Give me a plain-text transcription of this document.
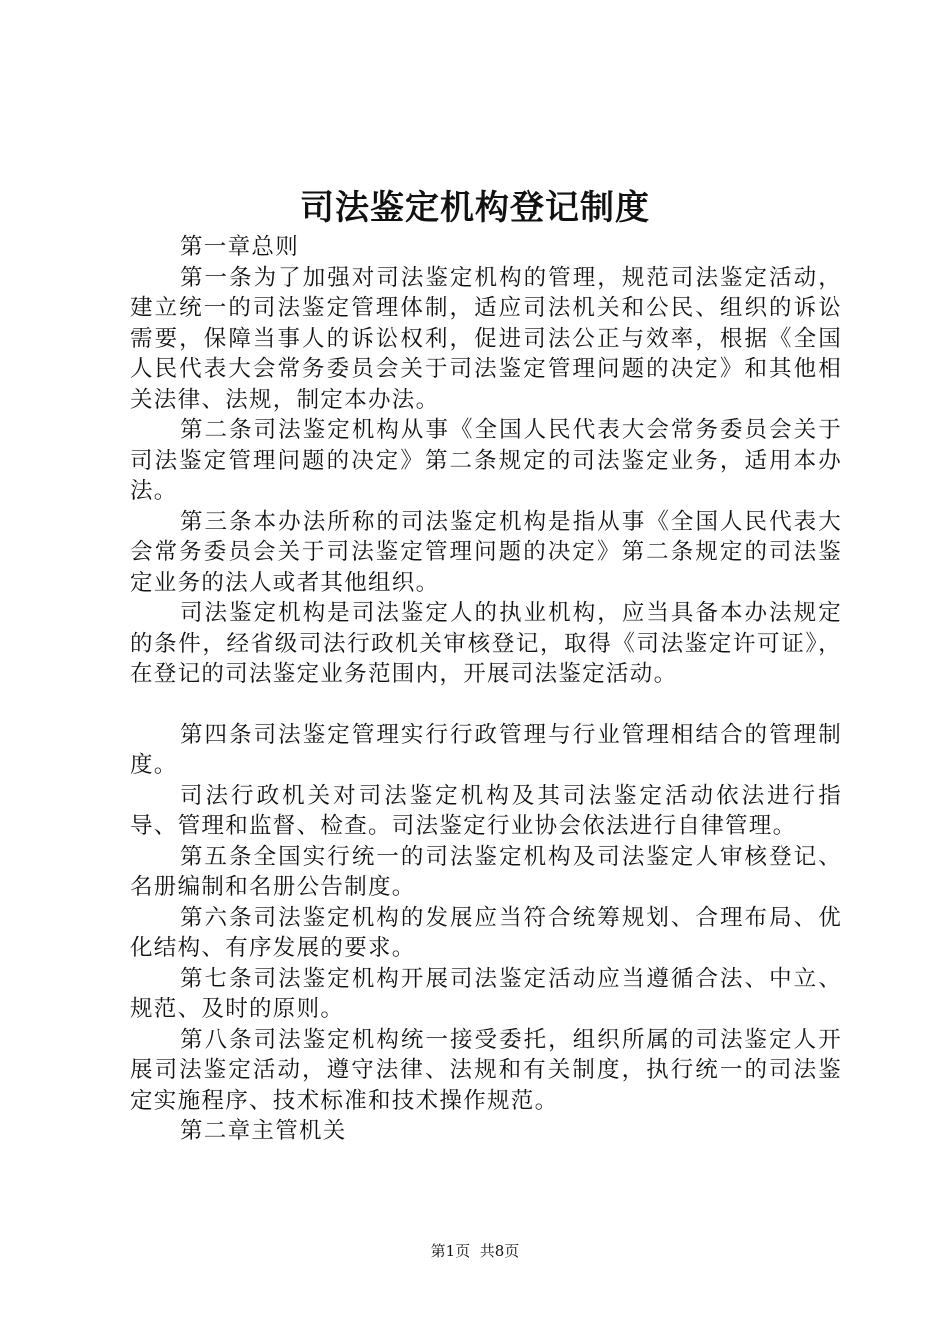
司法鉴定机构登记制度

第一章总则

第一条为了加强对司法鉴定机构的管理，规范司法鉴定活动，建立统一的司法鉴定管理体制，适应司法机关和公民、组织的诉讼需要，保障当事人的诉讼权利，促进司法公正与效率，根据《全国人民代表大会常务委员会关于司法鉴定管理问题的决定》和其他相关法律、法规，制定本办法。

第二条司法鉴定机构从事《全国人民代表大会常务委员会关于司法鉴定管理问题的决定》第二条规定的司法鉴定业务，适用本办法。

第三条本办法所称的司法鉴定机构是指从事《全国人民代表大会常务委员会关于司法鉴定管理问题的决定》第二条规定的司法鉴定业务的法人或者其他组织。

司法鉴定机构是司法鉴定人的执业机构，应当具备本办法规定的条件，经省级司法行政机关审核登记，取得《司法鉴定许可证》，在登记的司法鉴定业务范围内，开展司法鉴定活动。

第四条司法鉴定管理实行行政管理与行业管理相结合的管理制度。

司法行政机关对司法鉴定机构及其司法鉴定活动依法进行指导、管理和监督、检查。司法鉴定行业协会依法进行自律管理。

第五条全国实行统一的司法鉴定机构及司法鉴定人审核登记、名册编制和名册公告制度。

第六条司法鉴定机构的发展应当符合统筹规划、合理布局、优化结构、有序发展的要求。

第七条司法鉴定机构开展司法鉴定活动应当遵循合法、中立、规范、及时的原则。

第八条司法鉴定机构统一接受委托，组织所属的司法鉴定人开展司法鉴定活动，遵守法律、法规和有关制度，执行统一的司法鉴定实施程序、技术标准和技术操作规范。

第二章主管机关

第1页 共8页
